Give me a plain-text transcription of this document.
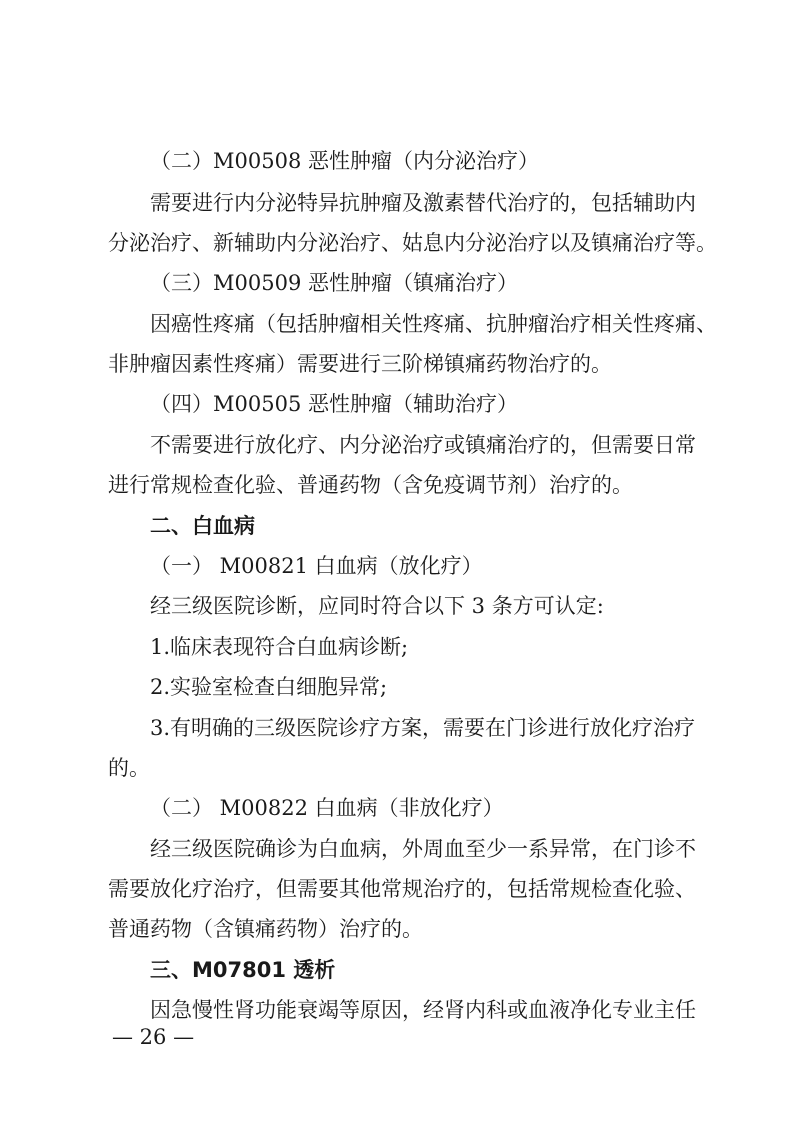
（二）M00508 恶性肿瘤（内分泌治疗）
需要进行内分泌特异抗肿瘤及激素替代治疗的，包括辅助内
分泌治疗、新辅助内分泌治疗、姑息内分泌治疗以及镇痛治疗等。
（三）M00509 恶性肿瘤（镇痛治疗）
因癌性疼痛（包括肿瘤相关性疼痛、抗肿瘤治疗相关性疼痛、
非肿瘤因素性疼痛）需要进行三阶梯镇痛药物治疗的。
（四）M00505 恶性肿瘤（辅助治疗）
不需要进行放化疗、内分泌治疗或镇痛治疗的，但需要日常
进行常规检查化验、普通药物（含免疫调节剂）治疗的。
二、白血病
（一） M00821 白血病（放化疗）
经三级医院诊断，应同时符合以下 3 条方可认定:
1.临床表现符合白血病诊断;
2.实验室检查白细胞异常;
3.有明确的三级医院诊疗方案，需要在门诊进行放化疗治疗
的。
（二） M00822 白血病（非放化疗）
经三级医院确诊为白血病，外周血至少一系异常，在门诊不
需要放化疗治疗，但需要其他常规治疗的，包括常规检查化验、
普通药物（含镇痛药物）治疗的。
三、M07801 透析
因急慢性肾功能衰竭等原因，经肾内科或血液净化专业主任
— 26 —
